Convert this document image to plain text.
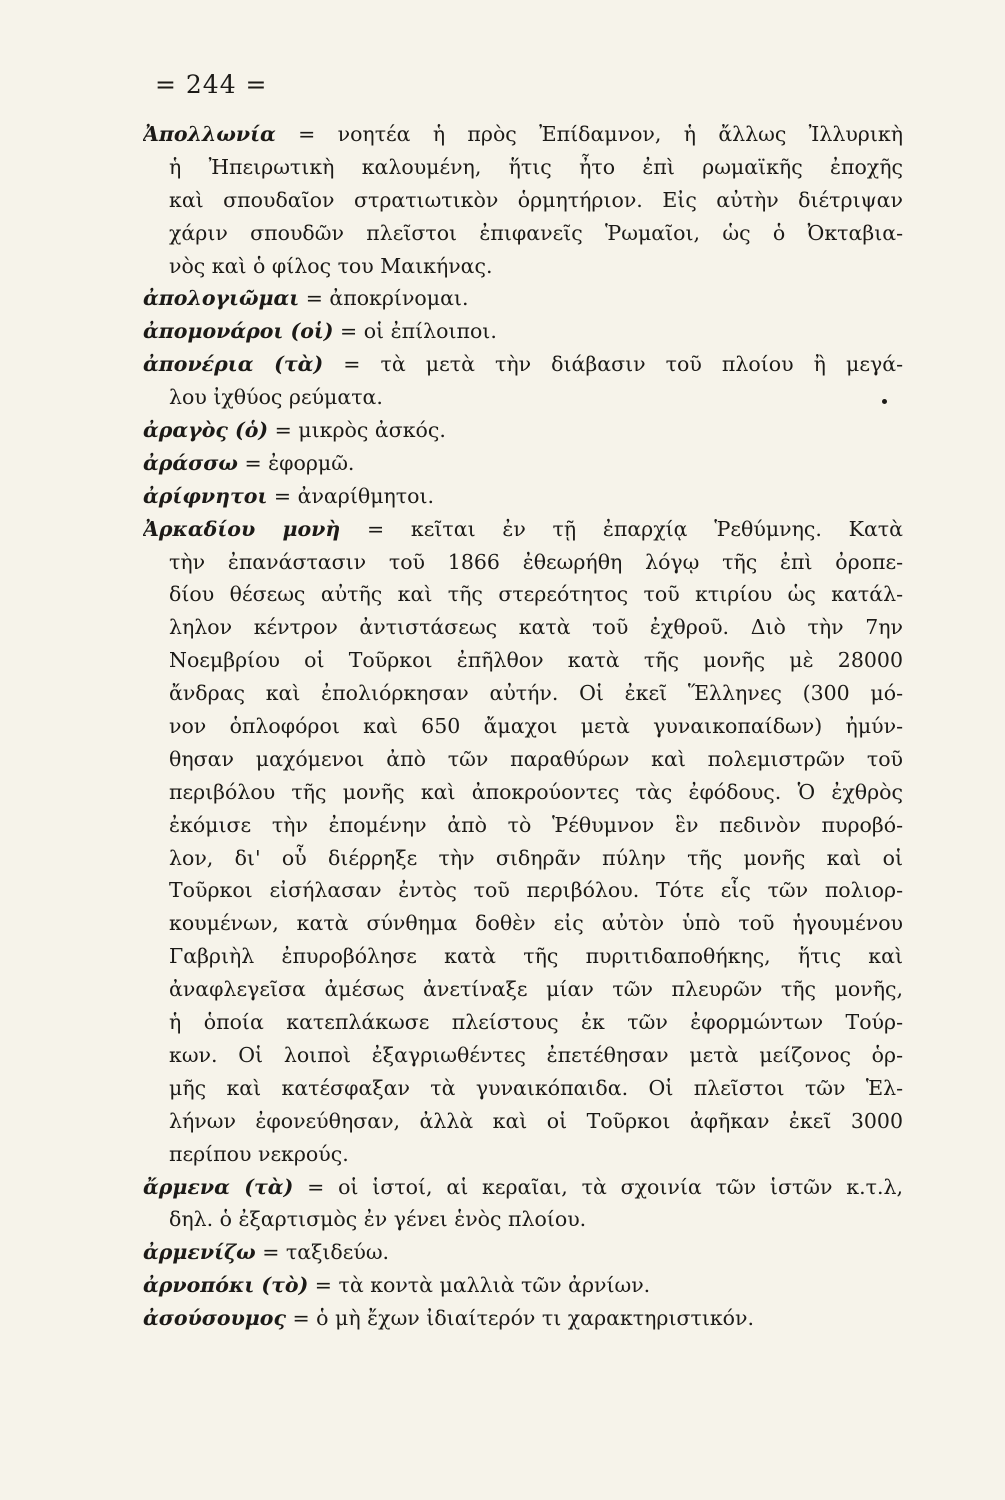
= 244 =
Ἀπολλωνία = νοητέα ἡ πρὸς Ἐπίδαμνον, ἡ ἄλλως Ἰλλυρικὴ
ἡ Ἠπειρωτικὴ καλουμένη, ἥτις ἦτο ἐπὶ ρωμαϊκῆς ἐποχῆς
καὶ σπουδαῖον στρατιωτικὸν ὁρμητήριον. Εἰς αὐτὴν διέτριψαν
χάριν σπουδῶν πλεῖστοι ἐπιφανεῖς Ῥωμαῖοι, ὡς ὁ Ὀκταβια-
νὸς καὶ ὁ φίλος του Μαικήνας.
ἀπολογιῶμαι = ἀποκρίνομαι.
ἀπομονάροι (οἱ) = οἱ ἐπίλοιποι.
ἀπονέρια (τὰ) = τὰ μετὰ τὴν διάβασιν τοῦ πλοίου ἢ μεγά-
λου ἰχθύος ρεύματα.
ἀραγὸς (ὁ) = μικρὸς ἀσκός.
ἀράσσω = ἐφορμῶ.
ἀρίφνητοι = ἀναρίθμητοι.
Ἀρκαδίου μονὴ = κεῖται ἐν τῇ ἐπαρχίᾳ Ῥεθύμνης. Κατὰ
τὴν ἐπανάστασιν τοῦ 1866 ἐθεωρήθη λόγῳ τῆς ἐπὶ ὀροπε-
δίου θέσεως αὐτῆς καὶ τῆς στερεότητος τοῦ κτιρίου ὡς κατάλ-
ληλον κέντρον ἀντιστάσεως κατὰ τοῦ ἐχθροῦ. Διὸ τὴν 7ην
Νοεμβρίου οἱ Τοῦρκοι ἐπῆλθον κατὰ τῆς μονῆς μὲ 28000
ἄνδρας καὶ ἐπολιόρκησαν αὐτήν. Οἱ ἐκεῖ Ἕλληνες (300 μό-
νον ὁπλοφόροι καὶ 650 ἄμαχοι μετὰ γυναικοπαίδων) ἠμύν-
θησαν μαχόμενοι ἀπὸ τῶν παραθύρων καὶ πολεμιστρῶν τοῦ
περιβόλου τῆς μονῆς καὶ ἀποκρούοντες τὰς ἐφόδους. Ὁ ἐχθρὸς
ἐκόμισε τὴν ἐπομένην ἀπὸ τὸ Ῥέθυμνον ἓν πεδινὸν πυροβό-
λον, δι' οὗ διέρρηξε τὴν σιδηρᾶν πύλην τῆς μονῆς καὶ οἱ
Τοῦρκοι εἰσήλασαν ἐντὸς τοῦ περιβόλου. Τότε εἷς τῶν πολιορ-
κουμένων, κατὰ σύνθημα δοθὲν εἰς αὐτὸν ὑπὸ τοῦ ἡγουμένου
Γαβριὴλ ἐπυροβόλησε κατὰ τῆς πυριτιδαποθήκης, ἥτις καὶ
ἀναφλεγεῖσα ἀμέσως ἀνετίναξε μίαν τῶν πλευρῶν τῆς μονῆς,
ἡ ὁποία κατεπλάκωσε πλείστους ἐκ τῶν ἐφορμώντων Τούρ-
κων. Οἱ λοιποὶ ἐξαγριωθέντες ἐπετέθησαν μετὰ μείζονος ὁρ-
μῆς καὶ κατέσφαξαν τὰ γυναικόπαιδα. Οἱ πλεῖστοι τῶν Ἑλ-
λήνων ἐφονεύθησαν, ἀλλὰ καὶ οἱ Τοῦρκοι ἀφῆκαν ἐκεῖ 3000
περίπου νεκρούς.
ἄρμενα (τὰ) = οἱ ἱστοί, αἱ κεραῖαι, τὰ σχοινία τῶν ἱστῶν κ.τ.λ,
δηλ. ὁ ἐξαρτισμὸς ἐν γένει ἑνὸς πλοίου.
ἀρμενίζω = ταξιδεύω.
ἀρνοπόκι (τὸ) = τὰ κοντὰ μαλλιὰ τῶν ἀρνίων.
ἀσούσουμος = ὁ μὴ ἔχων ἰδιαίτερόν τι χαρακτηριστικόν.
